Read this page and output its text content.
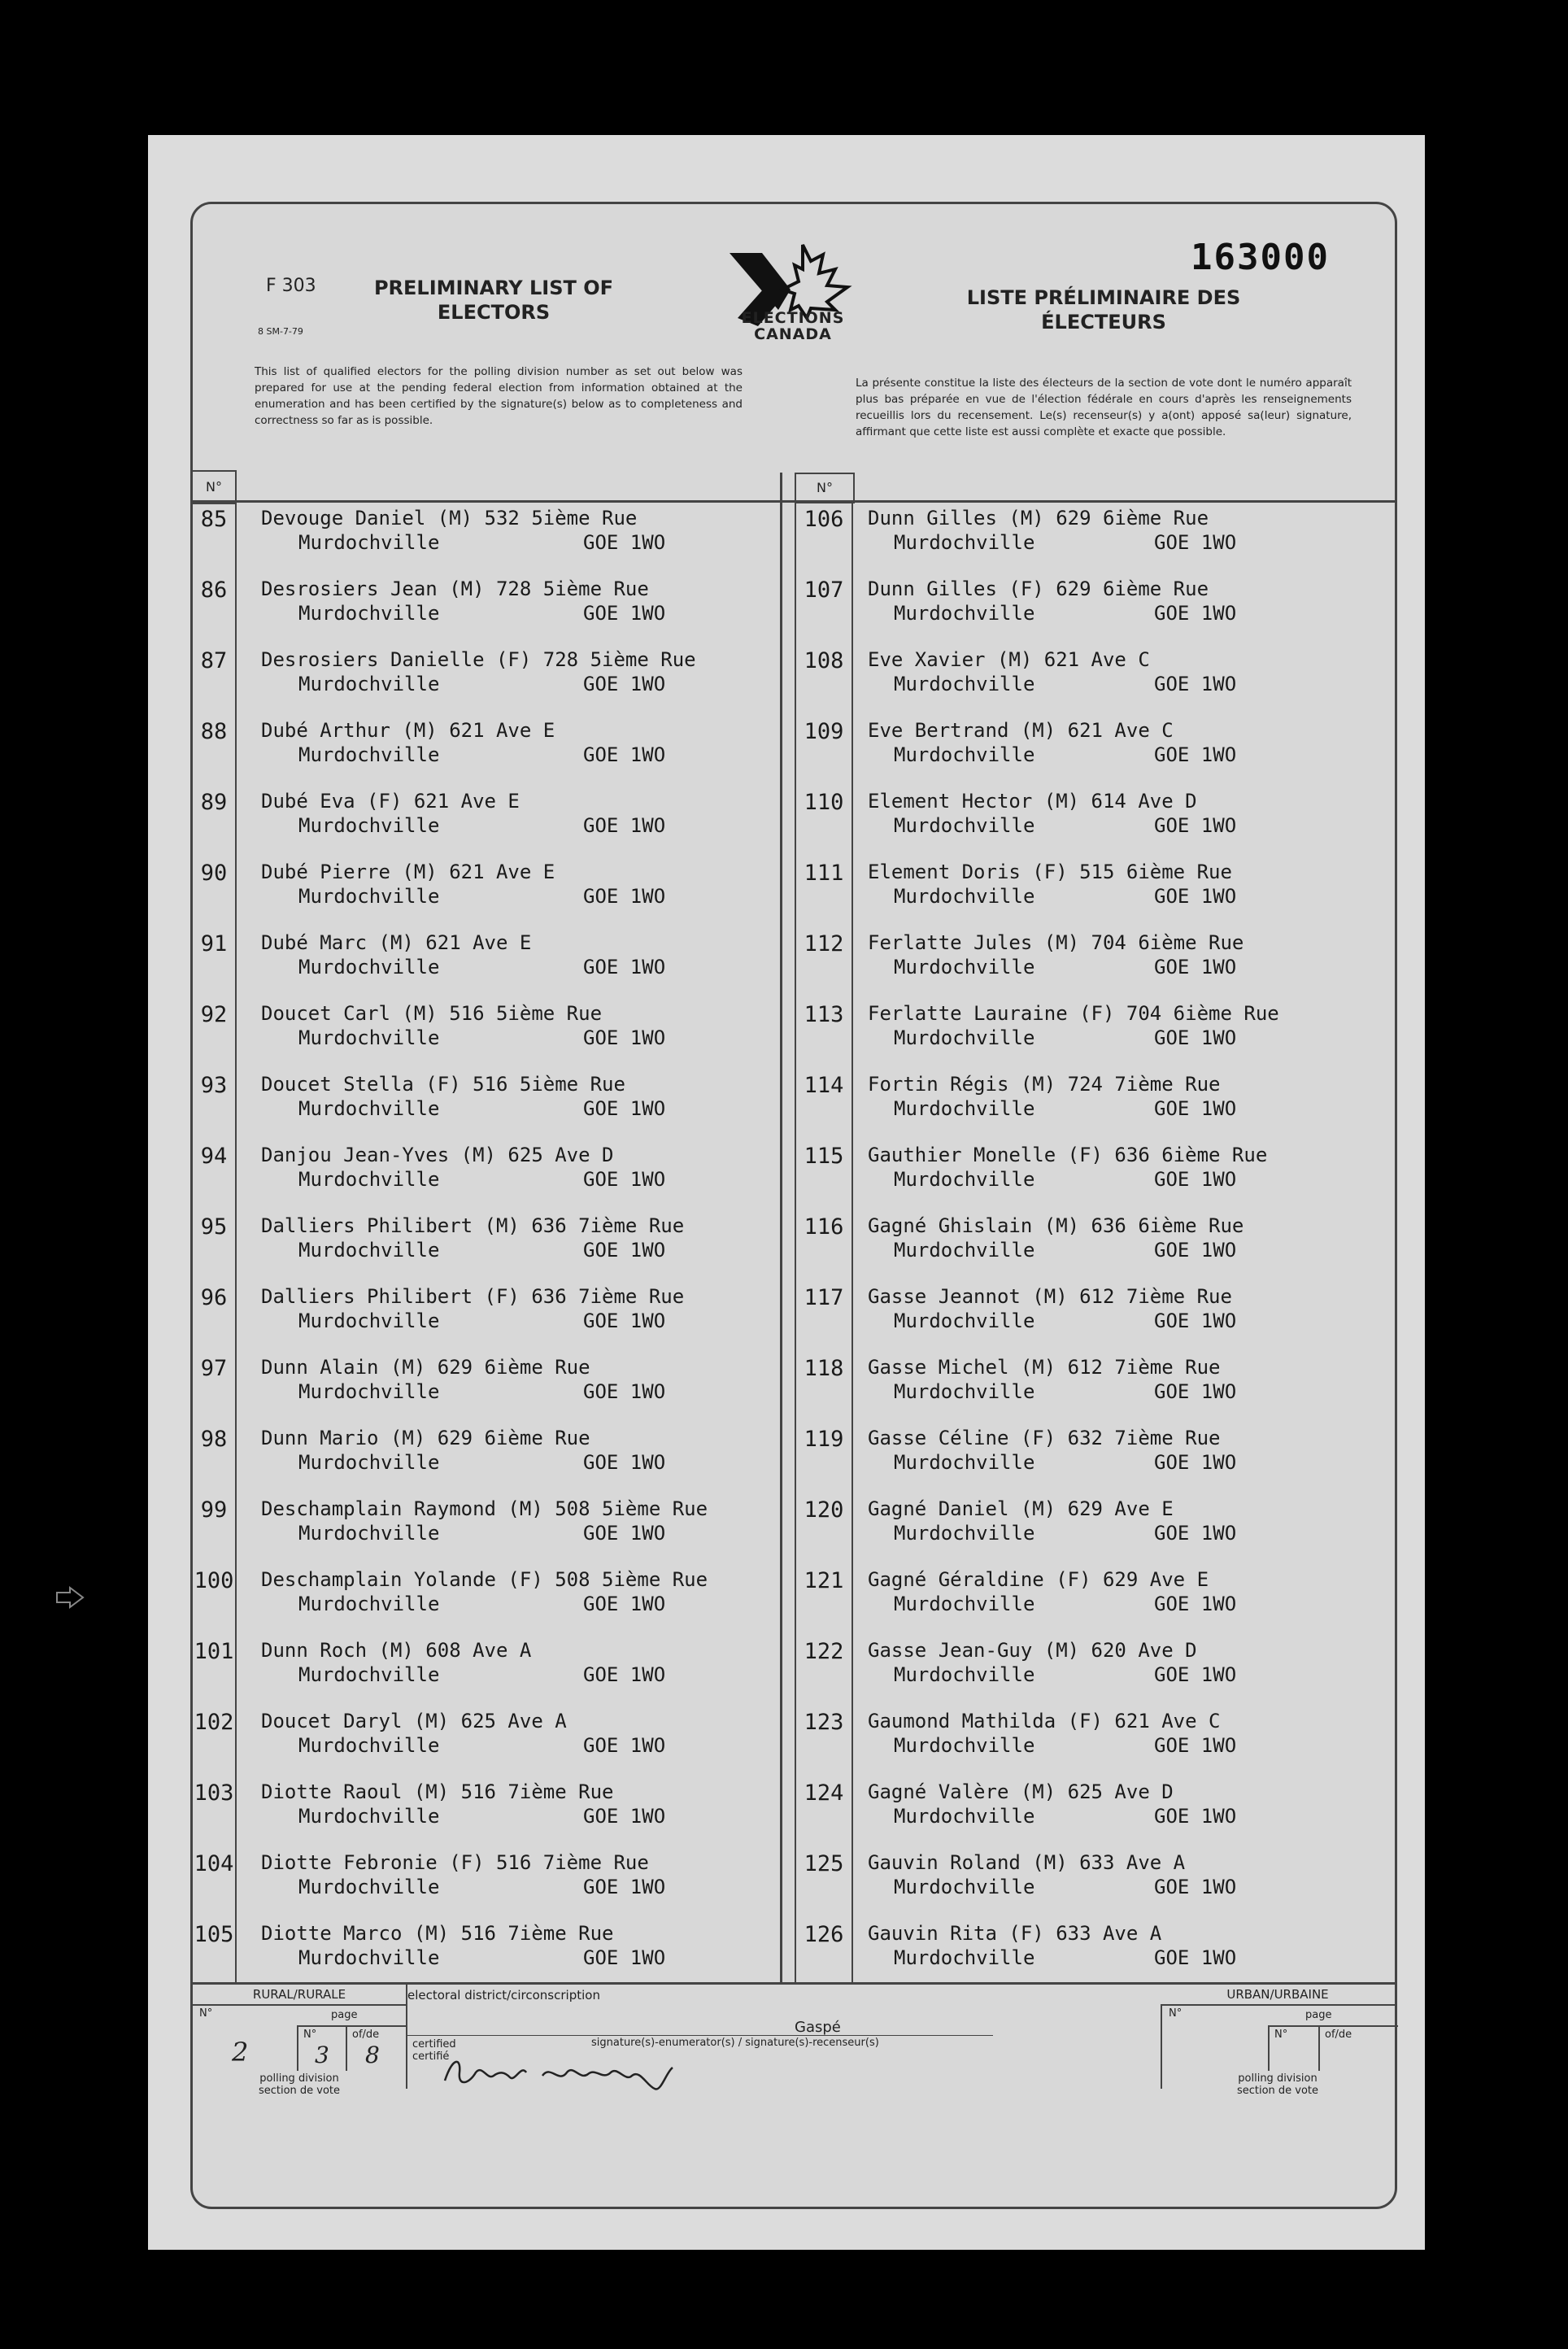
163000
F 303
8 SM-7-79
PRELIMINARY LIST OF
ELECTORS	ELECTIONS
CANADA
LISTE PRÉLIMINAIRE DES
ÉLECTEURS
This list of qualified electors for the polling division number as set out below was prepared for use at the pending federal election from information obtained at the enumeration and has been certified by the signature(s) below as to completeness and correctness so far as is possible.
La présente constitue la liste des électeurs de la section de vote dont le numéro apparaît plus bas préparée en vue de l'élection fédérale en cours d'après les renseignements recueillis lors du recensement. Le(s) recenseur(s) y a(ont) apposé sa(leur) signature, affirmant que cette liste est aussi complète et exacte que possible.
N°	N°
85	Devouge Daniel (M) 532 5ième Rue
Murdochville	GOE 1WO
86	Desrosiers Jean (M) 728 5ième Rue
Murdochville	GOE 1WO
87	Desrosiers Danielle (F) 728 5ième Rue
Murdochville	GOE 1WO
88	Dubé Arthur (M) 621 Ave E
Murdochville	GOE 1WO
89	Dubé Eva (F) 621 Ave E
Murdochville	GOE 1WO
90	Dubé Pierre (M) 621 Ave E
Murdochville	GOE 1WO
91	Dubé Marc (M) 621 Ave E
Murdochville	GOE 1WO
92	Doucet Carl (M) 516 5ième Rue
Murdochville	GOE 1WO
93	Doucet Stella (F) 516 5ième Rue
Murdochville	GOE 1WO
94	Danjou Jean-Yves (M) 625 Ave D
Murdochville	GOE 1WO
95	Dalliers Philibert (M) 636 7ième Rue
Murdochville	GOE 1WO
96	Dalliers Philibert (F) 636 7ième Rue
Murdochville	GOE 1WO
97	Dunn Alain (M) 629 6ième Rue
Murdochville	GOE 1WO
98	Dunn Mario (M) 629 6ième Rue
Murdochville	GOE 1WO
99	Deschamplain Raymond (M) 508 5ième Rue
Murdochville	GOE 1WO
100 Deschamplain Yolande (F) 508 5ième Rue
Murdochville	GOE 1WO
101 Dunn Roch (M) 608 Ave A
Murdochville	GOE 1WO
102 Doucet Daryl (M) 625 Ave A
Murdochville	GOE 1WO
103 Diotte Raoul (M) 516 7ième Rue
Murdochville	GOE 1WO
104 Diotte Febronie (F) 516 7ième Rue
Murdochville	GOE 1WO
105 Diotte Marco (M) 516 7ième Rue
Murdochville	GOE 1WO
106	Dunn Gilles (M) 629 6ième Rue
Murdochville	GOE 1WO
107	Dunn Gilles (F) 629 6ième Rue
Murdochville	GOE 1WO
108	Eve Xavier (M) 621 Ave C
Murdochville	GOE 1WO
109	Eve Bertrand (M) 621 Ave C
Murdochville	GOE 1WO
110	Element Hector (M) 614 Ave D
Murdochville	GOE 1WO
111	Element Doris (F) 515 6ième Rue
Murdochville	GOE 1WO
112	Ferlatte Jules (M) 704 6ième Rue
Murdochville	GOE 1WO
113	Ferlatte Lauraine (F) 704 6ième Rue
Murdochville	GOE 1WO
114	Fortin Régis (M) 724 7ième Rue
Murdochville	GOE 1WO
115	Gauthier Monelle (F) 636 6ième Rue
Murdochville	GOE 1WO
116	Gagné Ghislain (M) 636 6ième Rue
Murdochville	GOE 1WO
117	Gasse Jeannot (M) 612 7ième Rue
Murdochville	GOE 1WO
118	Gasse Michel (M) 612 7ième Rue
Murdochville	GOE 1WO
119	Gasse Céline (F) 632 7ième Rue
Murdochville	GOE 1WO
120	Gagné Daniel (M) 629 Ave E
Murdochville	GOE 1WO
121	Gagné Géraldine (F) 629 Ave E
Murdochville	GOE 1WO
122	Gasse Jean-Guy (M) 620 Ave D
Murdochville	GOE 1WO
123	Gaumond Mathilda (F) 621 Ave C
Murdochville	GOE 1WO
124	Gagné Valère (M) 625 Ave D
Murdochville	GOE 1WO
125	Gauvin Roland (M) 633 Ave A
Murdochville	GOE 1WO
126	Gauvin Rita (F) 633 Ave A
Murdochville	GOE 1WO
RURAL/RURALE	electoral district/circonscription
Gaspé
URBAN/URBAINE
N°
2
page
N°
3
of/de
8
polling division
section de vote
certified
certifié
signature(s)-enumerator(s) / signature(s)-recenseur(s)
N°	page
N°	of/de
polling division
section de vote
